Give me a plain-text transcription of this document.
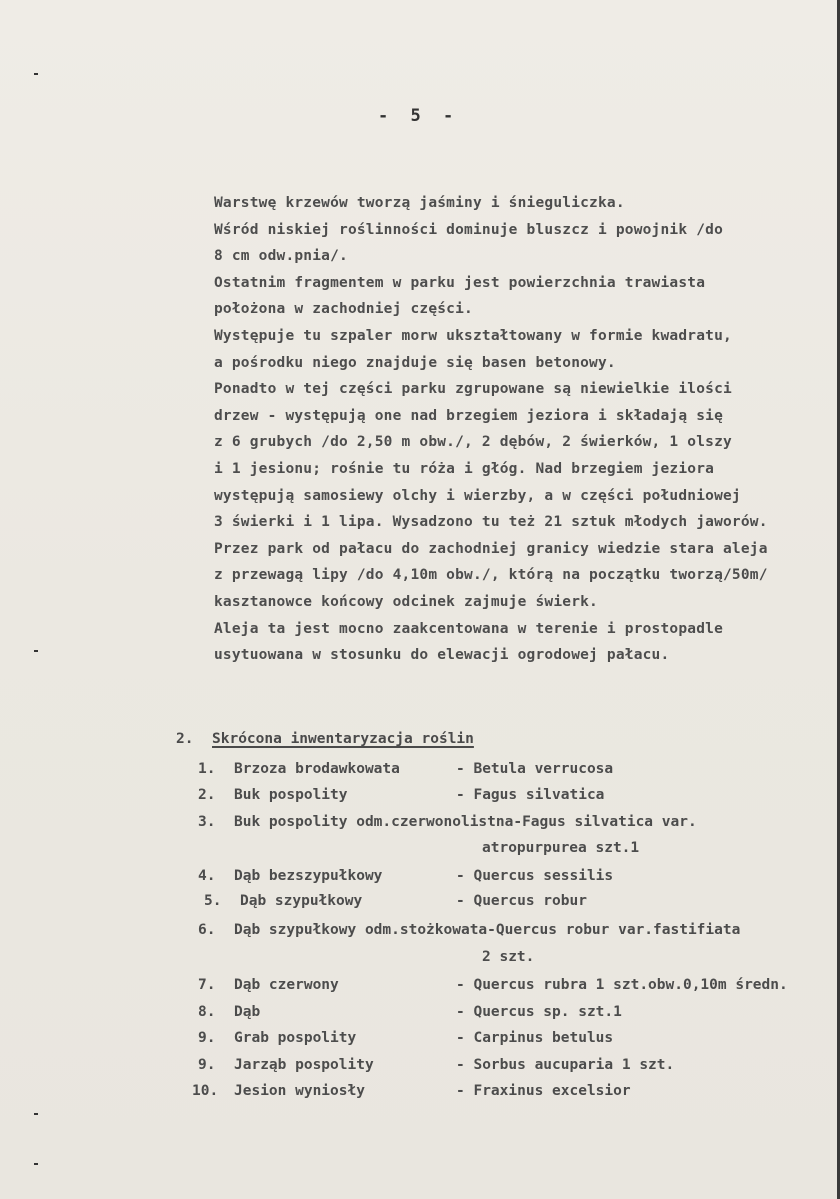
- 5 -
Warstwę krzewów tworzą jaśminy i śnieguliczka.
Wśród niskiej roślinności dominuje bluszcz i powojnik /do
8 cm odw.pnia/.
Ostatnim fragmentem w parku jest powierzchnia trawiasta
położona w zachodniej części.
Występuje tu szpaler morw ukształtowany w formie kwadratu,
a pośrodku niego znajduje się basen betonowy.
Ponadto w tej części parku zgrupowane są niewielkie ilości
drzew - występują one nad brzegiem jeziora i składają się
z 6 grubych /do 2,50 m obw./, 2 dębów, 2 świerków, 1 olszy
i 1 jesionu; rośnie tu róża i głóg. Nad brzegiem jeziora
występują samosiewy olchy i wierzby, a w części południowej
3 świerki i 1 lipa. Wysadzono tu też 21 sztuk młodych jaworów.
Przez park od pałacu do zachodniej granicy wiedzie stara aleja
z przewagą lipy /do 4,10m obw./, którą na początku tworzą/50m/
kasztanowce końcowy odcinek zajmuje świerk.
Aleja ta jest mocno zaakcentowana w terenie i prostopadle
usytuowana w stosunku do elewacji ogrodowej pałacu.
2. Skrócona inwentaryzacja roślin
1. Brzoza brodawkowata	- Betula verrucosa
2. Buk pospolity	- Fagus silvatica
3. Buk pospolity odm.czerwonolistna-Fagus silvatica var.
atropurpurea szt.1
4. Dąb bezszypułkowy	- Quercus sessilis
5. Dąb szypułkowy	- Quercus robur
6. Dąb szypułkowy odm.stożkowata-Quercus robur var.fastifiata
2 szt.
7. Dąb czerwony	- Quercus rubra 1 szt.obw.0,10m średn.
8. Dąb	- Quercus sp. szt.1
9. Grab pospolity	- Carpinus betulus
9. Jarząb pospolity	- Sorbus aucuparia 1 szt.
10. Jesion wyniosły	- Fraxinus excelsior
